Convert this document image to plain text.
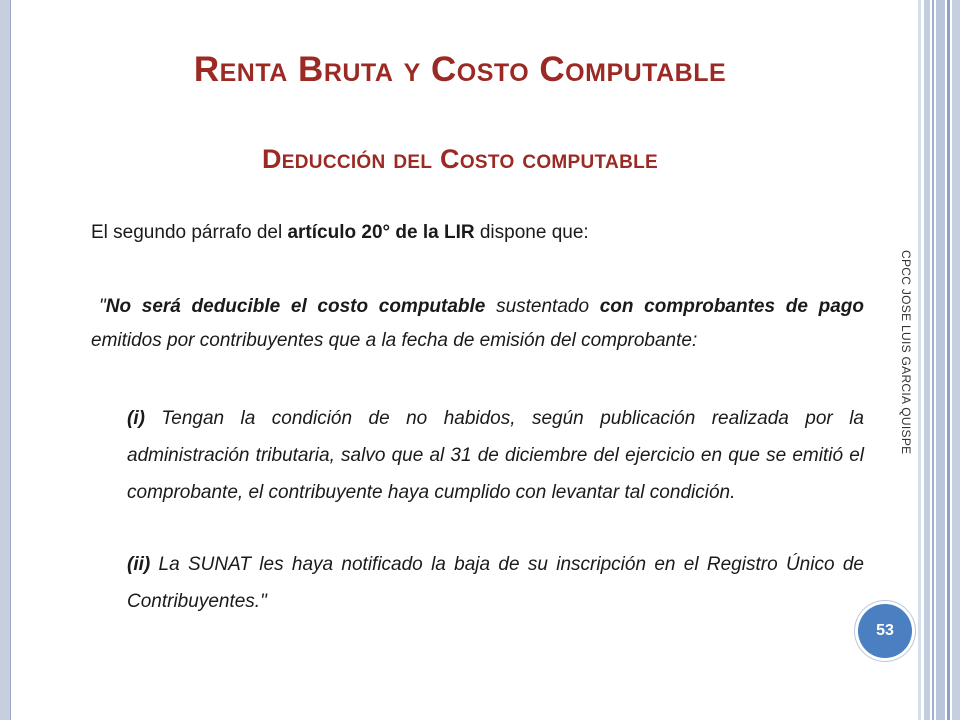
Renta Bruta y Costo Computable
Deducción del Costo computable
El segundo párrafo del artículo 20° de la LIR dispone que:

"No será deducible el costo computable sustentado con comprobantes de pago emitidos por contribuyentes que a la fecha de emisión del comprobante:

(i) Tengan la condición de no habidos, según publicación realizada por la administración tributaria, salvo que al 31 de diciembre del ejercicio en que se emitió el comprobante, el contribuyente haya cumplido con levantar tal condición.
(ii) La SUNAT les haya notificado la baja de su inscripción en el Registro Único de Contribuyentes."
CPCC JOSE LUIS GARCIA QUISPE
53
